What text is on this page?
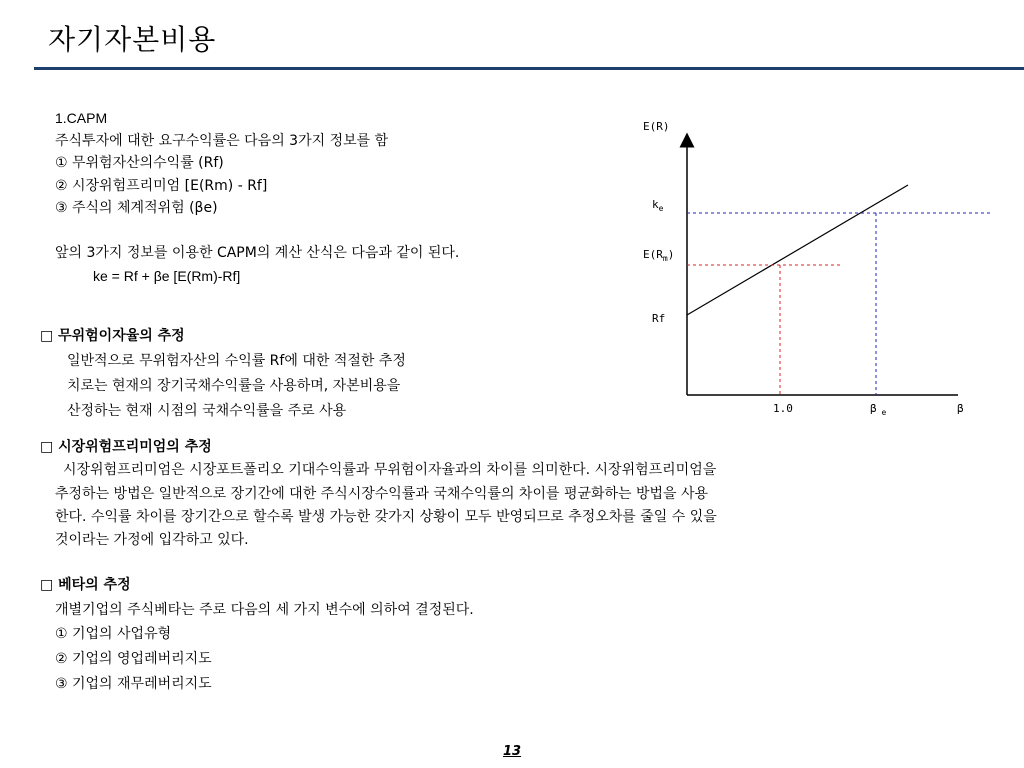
자기자본비용
1.CAPM
주식투자에 대한 요구수익률은 다음의 3가지 정보를 함
① 무위험자산의수익률 (Rf)
② 시장위험프리미엄 [E(Rm) - Rf]
③ 주식의 체계적위험 (βe)
앞의 3가지 정보를 이용한 CAPM의 계산 산식은 다음과 같이 된다.
ke = Rf + βe [E(Rm)-Rf]
□ 무위험이자율의 추정
일반적으로 무위험자산의 수익률 Rf에 대한 적절한 추정
치로는 현재의 장기국채수익률을 사용하며, 자본비용을
산정하는 현재 시점의 국채수익률을 주로 사용
□ 시장위험프리미엄의 추정
시장위험프리미엄은 시장포트폴리오 기대수익률과 무위험이자율과의 차이를 의미한다. 시장위험프리미엄을
추정하는 방법은 일반적으로 장기간에 대한 주식시장수익률과 국채수익률의 차이를 평균화하는 방법을 사용
한다. 수익률 차이를 장기간으로 할수록 발생 가능한 갖가지 상황이 모두 반영되므로 추정오차를 줄일 수 있을
것이라는 가정에 입각하고 있다.
□ 베타의 추정
개별기업의 주식베타는 주로 다음의 세 가지 변수에 의하여 결정된다.
① 기업의 사업유형
② 기업의 영업레버리지도
③ 기업의 재무레버리지도
E(R)
$k_e$
$E(R_m)$
Rf
1.0	β $_e$	β
13
